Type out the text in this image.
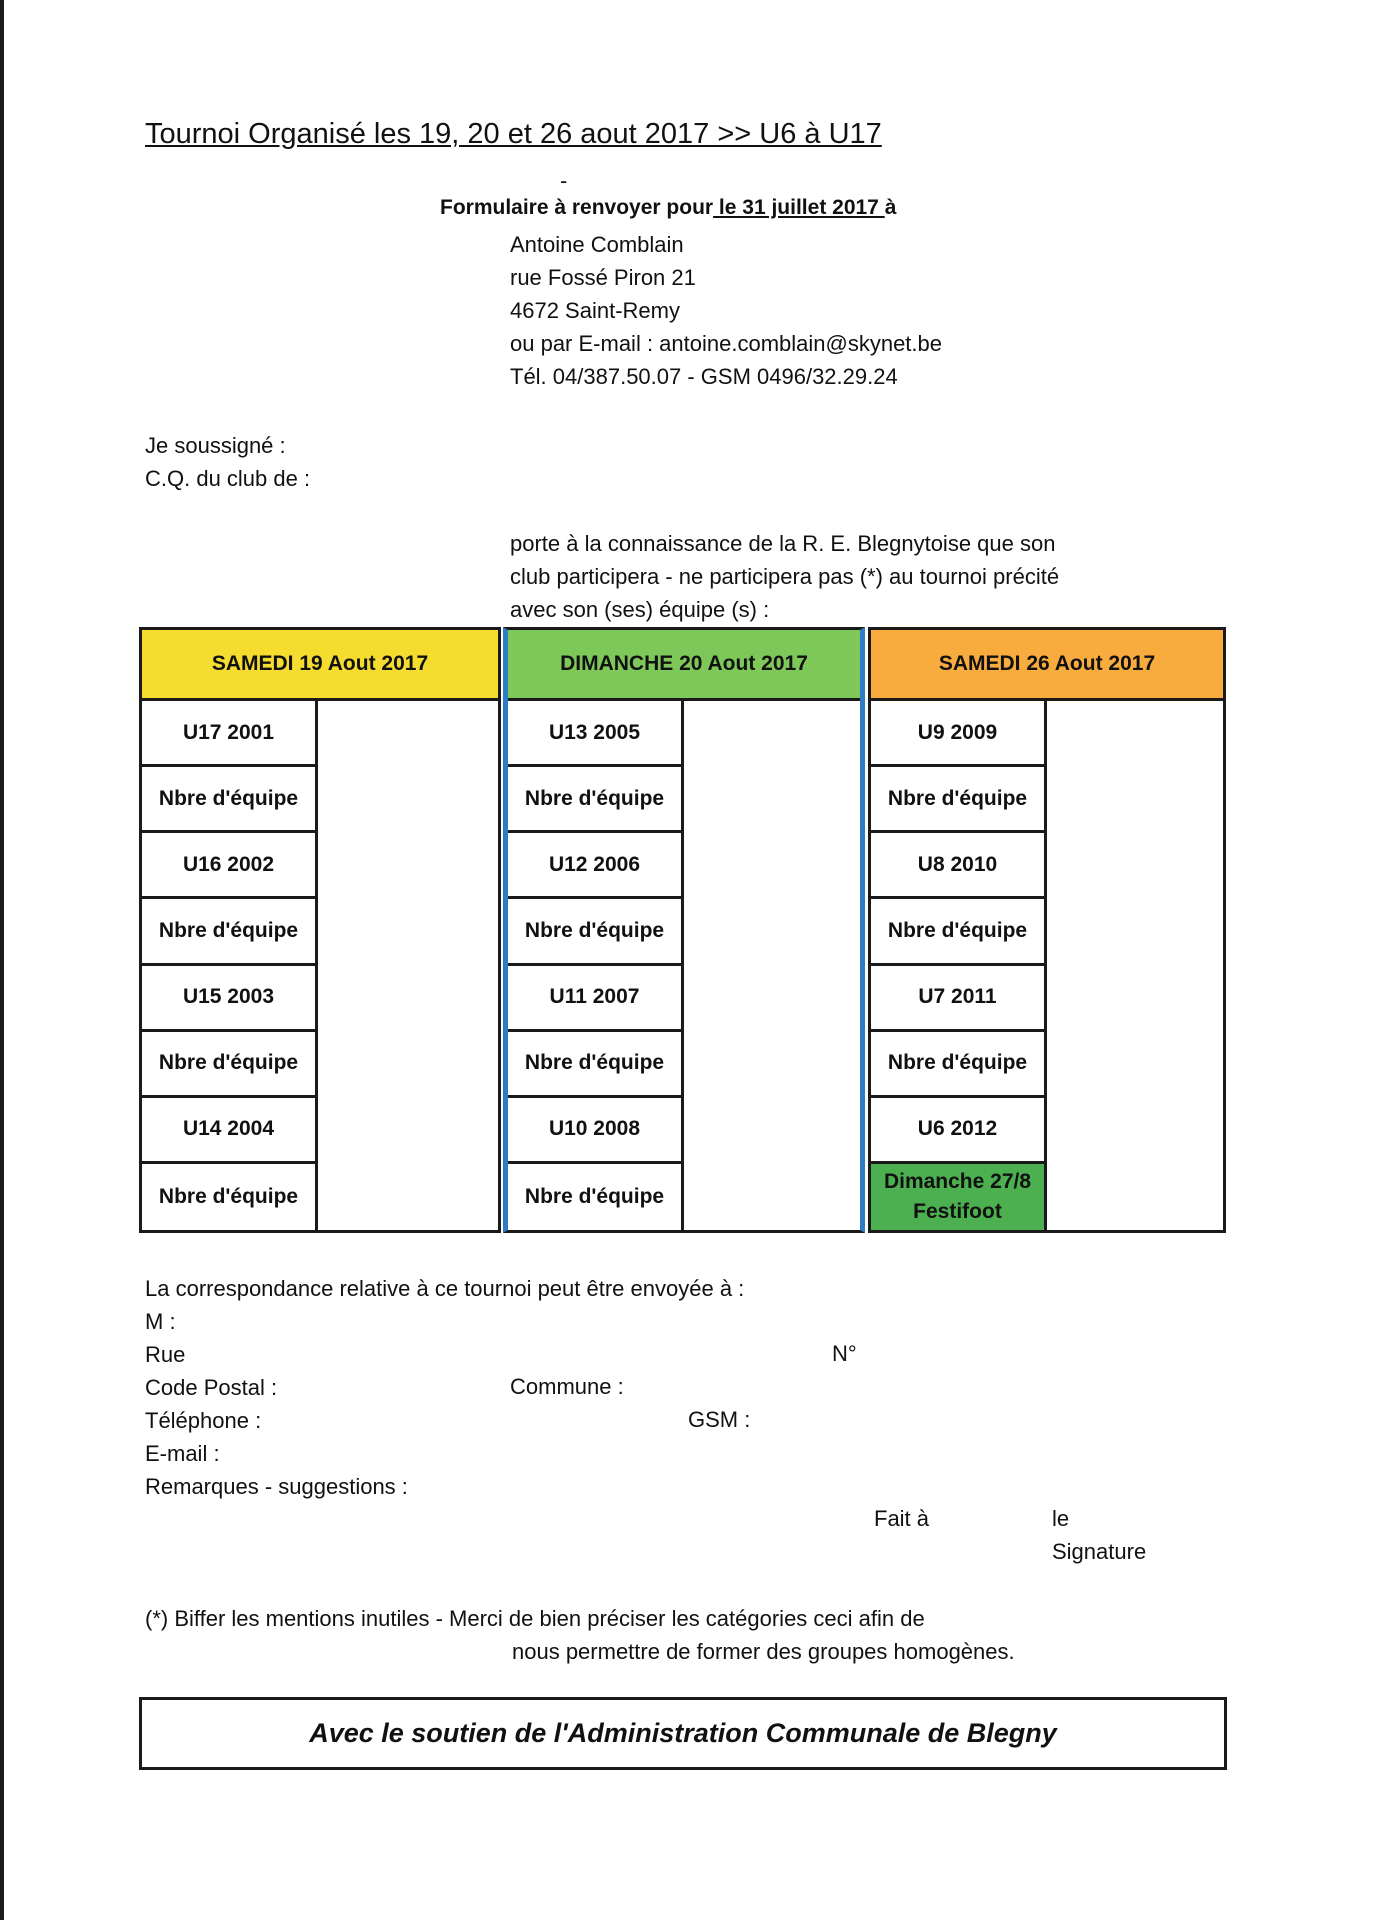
Tournoi Organisé les 19, 20 et 26 aout 2017 >> U6 à U17
-
Formulaire à renvoyer pour le 31 juillet 2017 à
Antoine Comblain
rue Fossé Piron 21
4672 Saint-Remy
ou par E-mail : antoine.comblain@skynet.be
Tél. 04/387.50.07 - GSM 0496/32.29.24
Je soussigné :
C.Q. du club de :
porte à la connaissance de la R. E. Blegnytoise que son
club participera - ne participera pas (*) au tournoi précité
avec son (ses) équipe (s) :
SAMEDI 19 Aout 2017
U17 2001
Nbre d'équipe
U16 2002
Nbre d'équipe
U15 2003
Nbre d'équipe
U14 2004
Nbre d'équipe
DIMANCHE 20 Aout 2017
U13 2005
Nbre d'équipe
U12 2006
Nbre d'équipe
U11 2007
Nbre d'équipe
U10 2008
Nbre d'équipe
SAMEDI 26 Aout 2017
U9 2009
Nbre d'équipe
U8 2010
Nbre d'équipe
U7 2011
Nbre d'équipe
U6 2012
Dimanche 27/8
Festifoot
La correspondance relative à ce tournoi peut être envoyée à :
M :
Rue
Code Postal :
Téléphone :
E-mail :
Remarques - suggestions :
N°
Commune :
GSM :
Fait à	le
Signature
(*) Biffer les mentions inutiles - Merci de bien préciser les catégories ceci afin de
nous permettre de former des groupes homogènes.
Avec le soutien de l'Administration Communale de Blegny
